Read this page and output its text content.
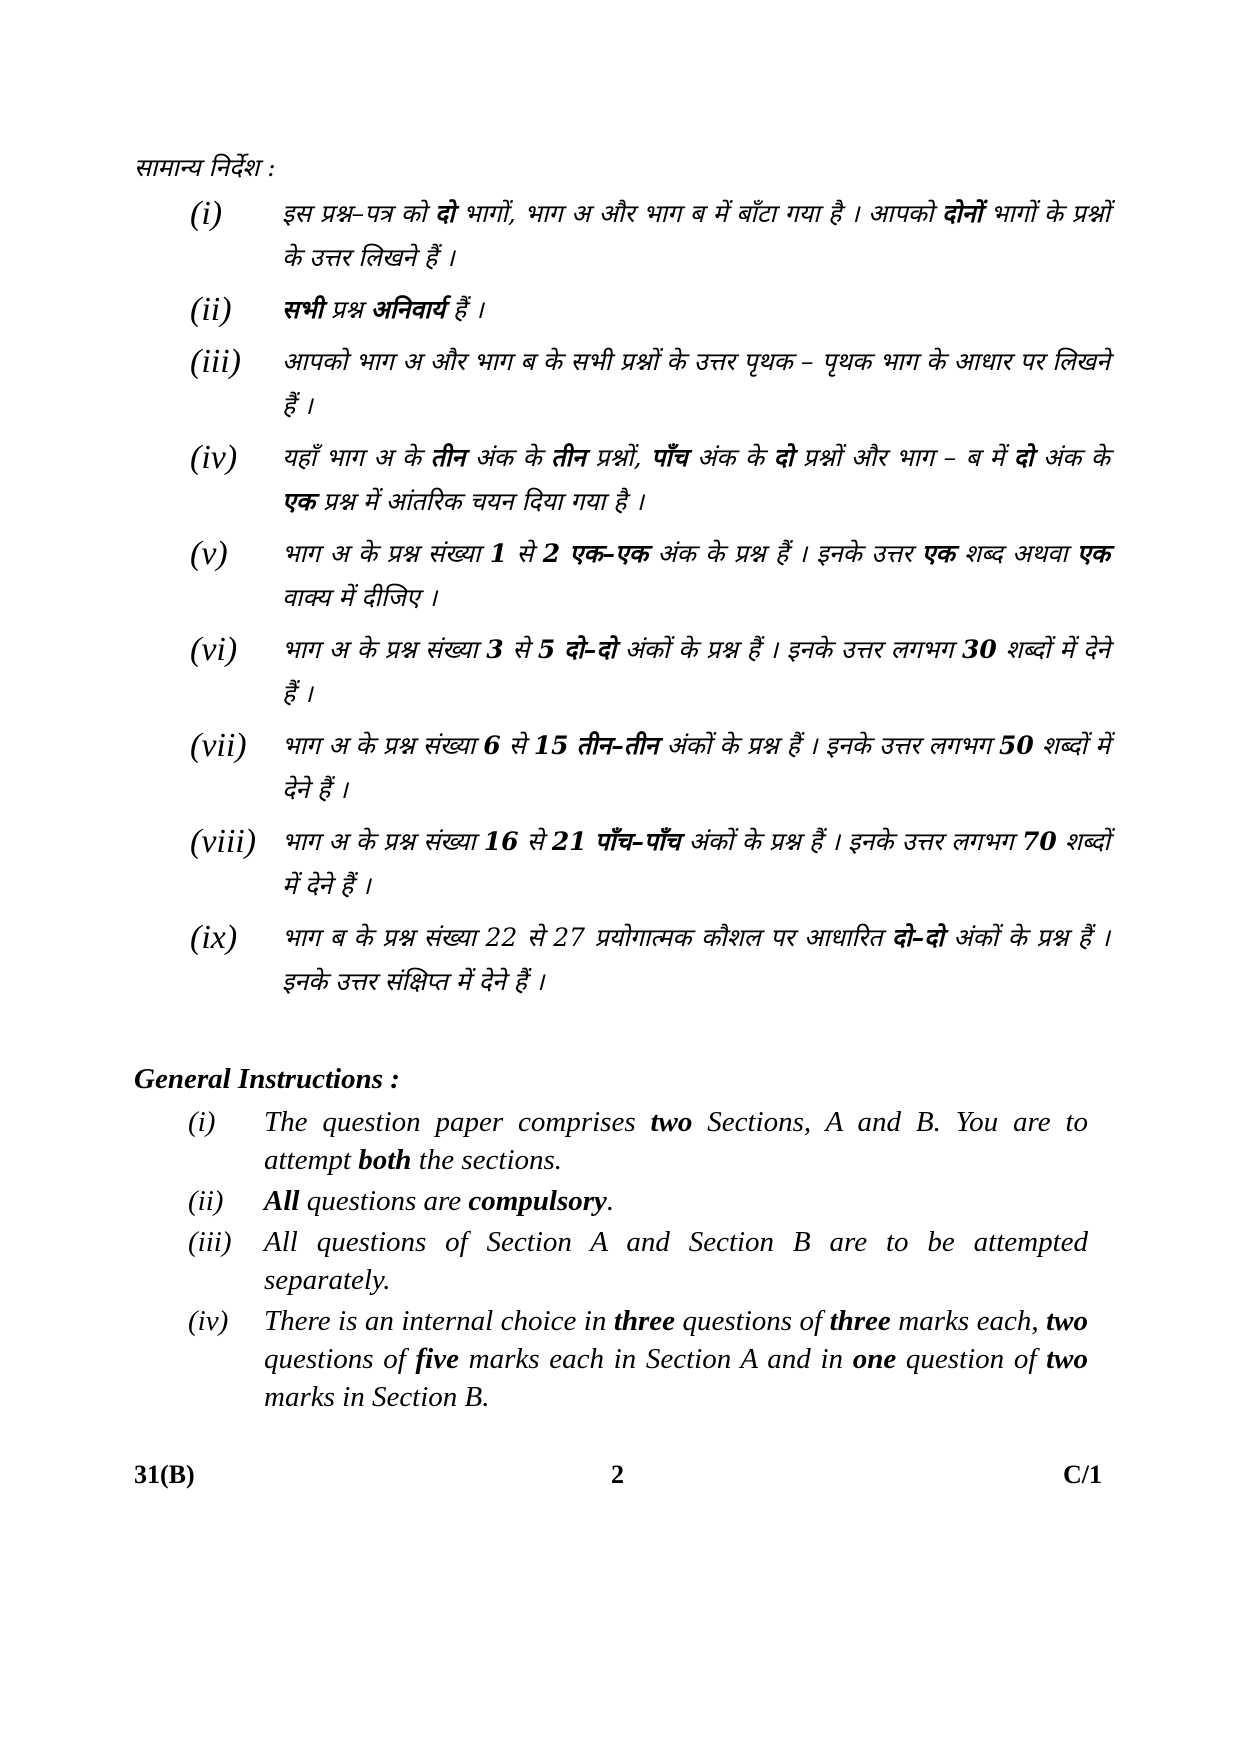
सामान्य निर्देश :
(i)	इस प्रश्न–पत्र को दो भागों, भाग अ और भाग ब में बाँटा गया है । आपको दोनों भागों के प्रश्नों के उत्तर लिखने हैं ।
(ii)	सभी प्रश्न अनिवार्य हैं ।
(iii)	आपको भाग अ और भाग ब के सभी प्रश्नों के उत्तर पृथक – पृथक भाग के आधार पर लिखने हैं ।
(iv)	यहाँ भाग अ के तीन अंक के तीन प्रश्नों, पाँच अंक के दो प्रश्नों और भाग – ब में दो अंक के एक प्रश्न में आंतरिक चयन दिया गया है ।
(v)	भाग अ के प्रश्न संख्या 1 से 2 एक–एक अंक के प्रश्न हैं । इनके उत्तर एक शब्द अथवा एक वाक्य में दीजिए ।
(vi)	भाग अ के प्रश्न संख्या 3 से 5 दो–दो अंकों के प्रश्न हैं । इनके उत्तर लगभग 30 शब्दों में देने हैं ।
(vii)	भाग अ के प्रश्न संख्या 6 से 15 तीन–तीन अंकों के प्रश्न हैं । इनके उत्तर लगभग 50 शब्दों में देने हैं ।
(viii)	भाग अ के प्रश्न संख्या 16 से 21 पाँच–पाँच अंकों के प्रश्न हैं । इनके उत्तर लगभग 70 शब्दों में देने हैं ।
(ix)	भाग ब के प्रश्न संख्या 22 से 27 प्रयोगात्मक कौशल पर आधारित दो–दो अंकों के प्रश्न हैं । इनके उत्तर संक्षिप्त में देने हैं ।
General Instructions :
(i)	The question paper comprises two Sections, A and B. You are to attempt both the sections.
(ii)	All questions are compulsory.
(iii)	All questions of Section A and Section B are to be attempted separately.
(iv)	There is an internal choice in three questions of three marks each, two questions of five marks each in Section A and in one question of two marks in Section B.
31(B)	2	C/1
